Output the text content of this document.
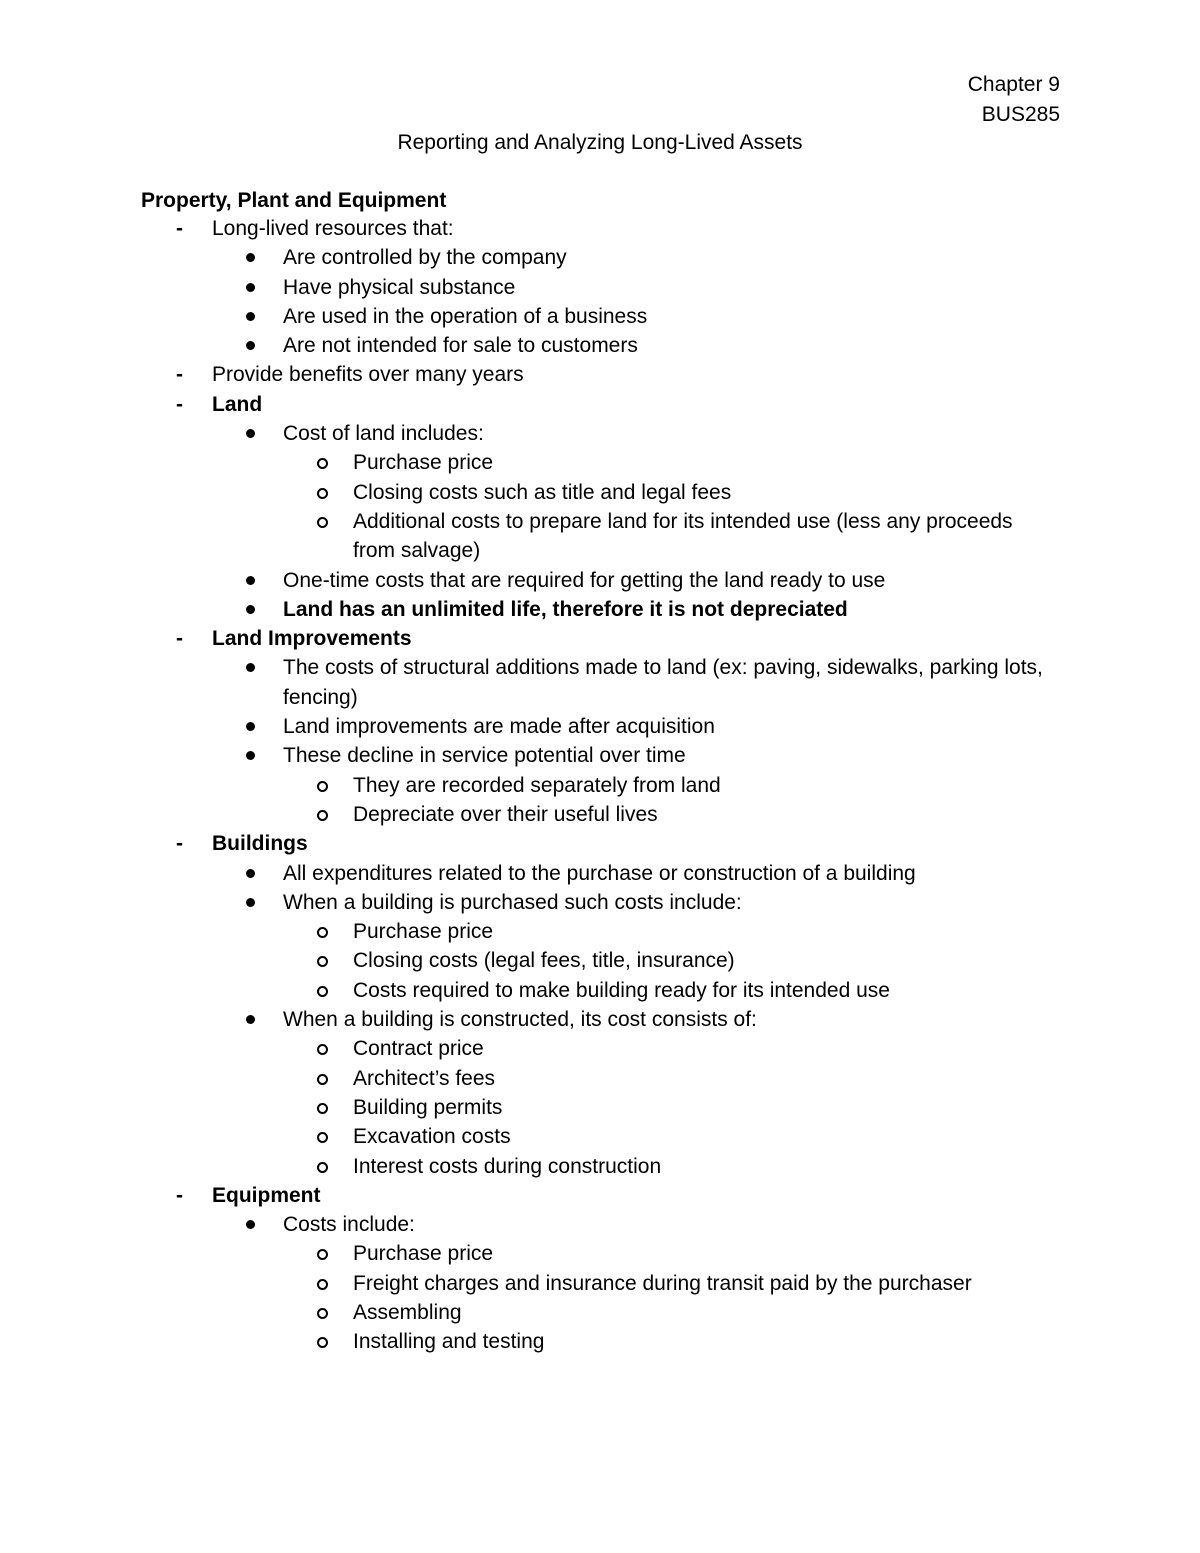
Chapter 9
BUS285
Reporting and Analyzing Long-Lived Assets
Property, Plant and Equipment
- Long-lived resources that:
Are controlled by the company
Have physical substance
Are used in the operation of a business
Are not intended for sale to customers
- Provide benefits over many years
- Land
Cost of land includes:
Purchase price
Closing costs such as title and legal fees
Additional costs to prepare land for its intended use (less any proceeds from salvage)
One-time costs that are required for getting the land ready to use
Land has an unlimited life, therefore it is not depreciated
- Land Improvements
The costs of structural additions made to land (ex: paving, sidewalks, parking lots, fencing)
Land improvements are made after acquisition
These decline in service potential over time
They are recorded separately from land
Depreciate over their useful lives
- Buildings
All expenditures related to the purchase or construction of a building
When a building is purchased such costs include:
Purchase price
Closing costs (legal fees, title, insurance)
Costs required to make building ready for its intended use
When a building is constructed, its cost consists of:
Contract price
Architect’s fees
Building permits
Excavation costs
Interest costs during construction
- Equipment
Costs include:
Purchase price
Freight charges and insurance during transit paid by the purchaser
Assembling
Installing and testing
